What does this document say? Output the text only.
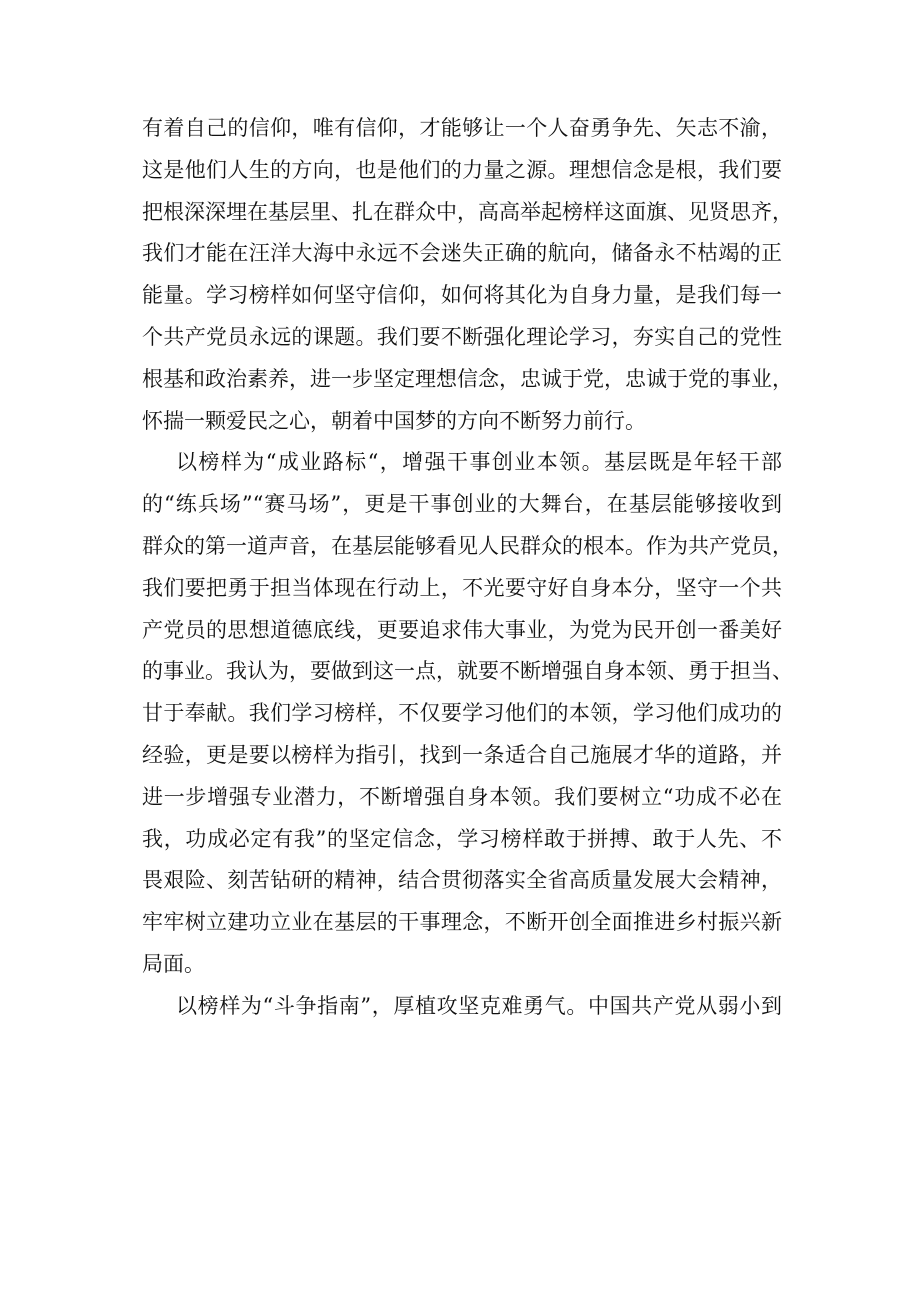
有着自己的信仰，唯有信仰，才能够让一个人奋勇争先、矢志不渝，
这是他们人生的方向，也是他们的力量之源。理想信念是根，我们要
把根深深埋在基层里、扎在群众中，高高举起榜样这面旗、见贤思齐，
我们才能在汪洋大海中永远不会迷失正确的航向，储备永不枯竭的正
能量。学习榜样如何坚守信仰，如何将其化为自身力量，是我们每一
个共产党员永远的课题。我们要不断强化理论学习，夯实自己的党性
根基和政治素养，进一步坚定理想信念，忠诚于党，忠诚于党的事业，
怀揣一颗爱民之心，朝着中国梦的方向不断努力前行。
以榜样为“成业路标“，增强干事创业本领。基层既是年轻干部
的“练兵场”“赛马场”，更是干事创业的大舞台，在基层能够接收到
群众的第一道声音，在基层能够看见人民群众的根本。作为共产党员，
我们要把勇于担当体现在行动上，不光要守好自身本分，坚守一个共
产党员的思想道德底线，更要追求伟大事业，为党为民开创一番美好
的事业。我认为，要做到这一点，就要不断增强自身本领、勇于担当、
甘于奉献。我们学习榜样，不仅要学习他们的本领，学习他们成功的
经验，更是要以榜样为指引，找到一条适合自己施展才华的道路，并
进一步增强专业潜力，不断增强自身本领。我们要树立“功成不必在
我，功成必定有我”的坚定信念，学习榜样敢于拼搏、敢于人先、不
畏艰险、刻苦钻研的精神，结合贯彻落实全省高质量发展大会精神，
牢牢树立建功立业在基层的干事理念，不断开创全面推进乡村振兴新
局面。
以榜样为“斗争指南”，厚植攻坚克难勇气。中国共产党从弱小到
